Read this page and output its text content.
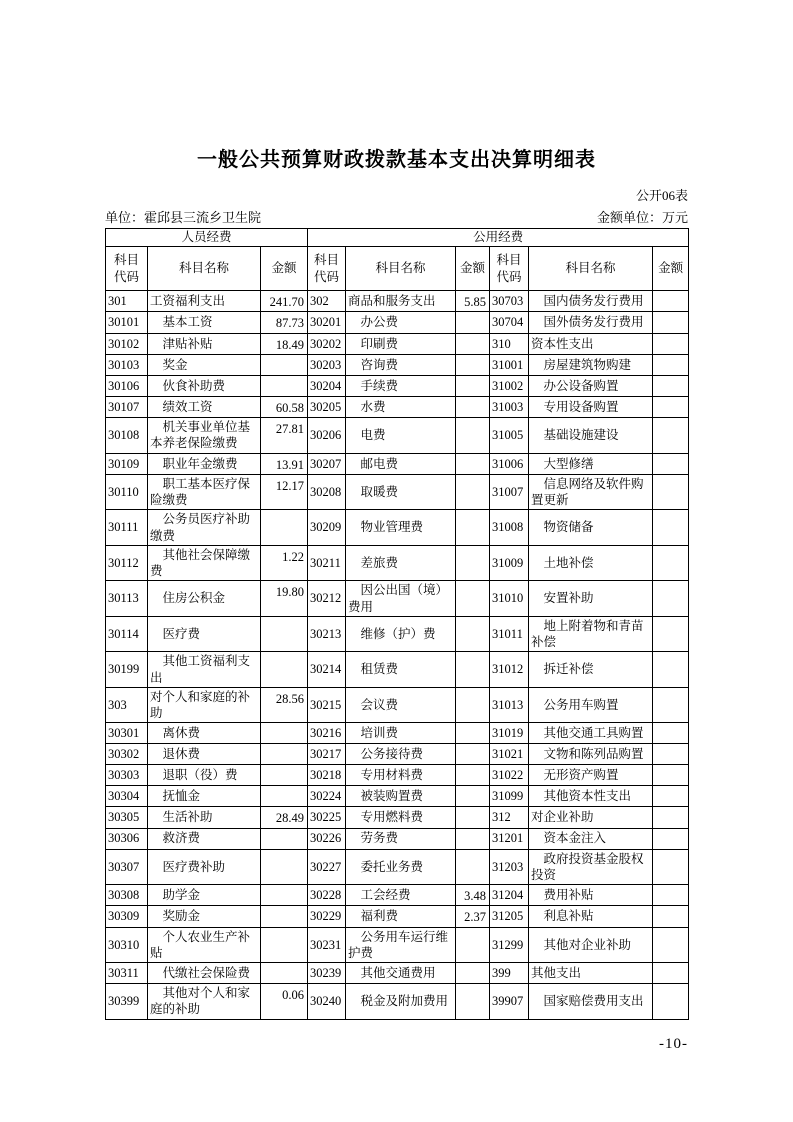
一般公共预算财政拨款基本支出决算明细表
公开06表
单位：霍邱县三流乡卫生院	金额单位：万元
人员经费			公用经费					
科目代码	科目名称	金额	科目代码	科目名称	金额	科目代码	科目名称	金额
301	工资福利支出	241.70	302	商品和服务支出	5.85	30703	国内债务发行费用	
30101	基本工资	87.73	30201	办公费		30704	国外债务发行费用	
30102	津贴补贴	18.49	30202	印刷费		310	资本性支出	
30103	奖金		30203	咨询费		31001	房屋建筑物购建	
30106	伙食补助费		30204	手续费		31002	办公设备购置	
30107	绩效工资	60.58	30205	水费		31003	专用设备购置	
30108	机关事业单位基本养老保险缴费	27.81	30206	电费		31005	基础设施建设	
30109	职业年金缴费	13.91	30207	邮电费		31006	大型修缮	
30110	职工基本医疗保险缴费	12.17	30208	取暖费		31007	信息网络及软件购置更新	
30111	公务员医疗补助缴费		30209	物业管理费		31008	物资储备	
30112	其他社会保障缴费	1.22	30211	差旅费		31009	土地补偿	
30113	住房公积金	19.80	30212	因公出国（境）费用		31010	安置补助	
30114	医疗费		30213	维修（护）费		31011	地上附着物和青苗补偿	
30199	其他工资福利支出		30214	租赁费		31012	拆迁补偿	
303	对个人和家庭的补助	28.56	30215	会议费		31013	公务用车购置	
30301	离休费		30216	培训费		31019	其他交通工具购置	
30302	退休费		30217	公务接待费		31021	文物和陈列品购置	
30303	退职（役）费		30218	专用材料费		31022	无形资产购置	
30304	抚恤金		30224	被装购置费		31099	其他资本性支出	
30305	生活补助	28.49	30225	专用燃料费		312	对企业补助	
30306	救济费		30226	劳务费		31201	资本金注入	
30307	医疗费补助		30227	委托业务费		31203	政府投资基金股权投资	
30308	助学金		30228	工会经费	3.48	31204	费用补贴	
30309	奖励金		30229	福利费	2.37	31205	利息补贴	
30310	个人农业生产补贴		30231	公务用车运行维护费		31299	其他对企业补助	
30311	代缴社会保险费		30239	其他交通费用		399	其他支出	
30399	其他对个人和家庭的补助	0.06	30240	税金及附加费用		39907	国家赔偿费用支出	
-10-
